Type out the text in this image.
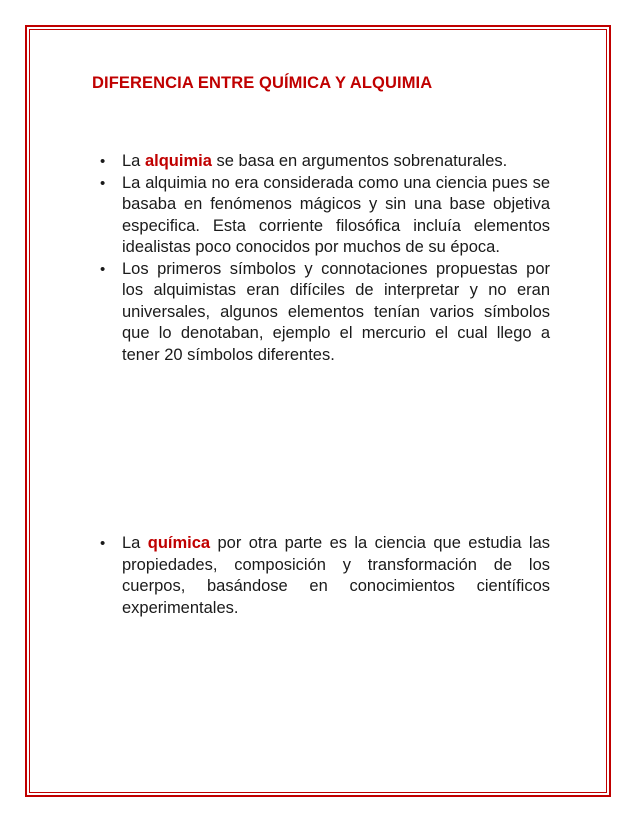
DIFERENCIA ENTRE QUÍMICA Y ALQUIMIA
• La alquimia se basa en argumentos sobrenaturales.
• La alquimia no era considerada como una ciencia pues se basaba en fenómenos mágicos y sin una base objetiva especifica. Esta corriente filosófica incluía elementos idealistas poco conocidos por muchos de su época.
• Los primeros símbolos y connotaciones propuestas por los alquimistas eran difíciles de interpretar y no eran universales, algunos elementos tenían varios símbolos que lo denotaban, ejemplo el mercurio el cual llego a tener 20 símbolos diferentes.
• La química por otra parte es la ciencia que estudia las propiedades, composición y transformación de los cuerpos, basándose en conocimientos científicos experimentales.
